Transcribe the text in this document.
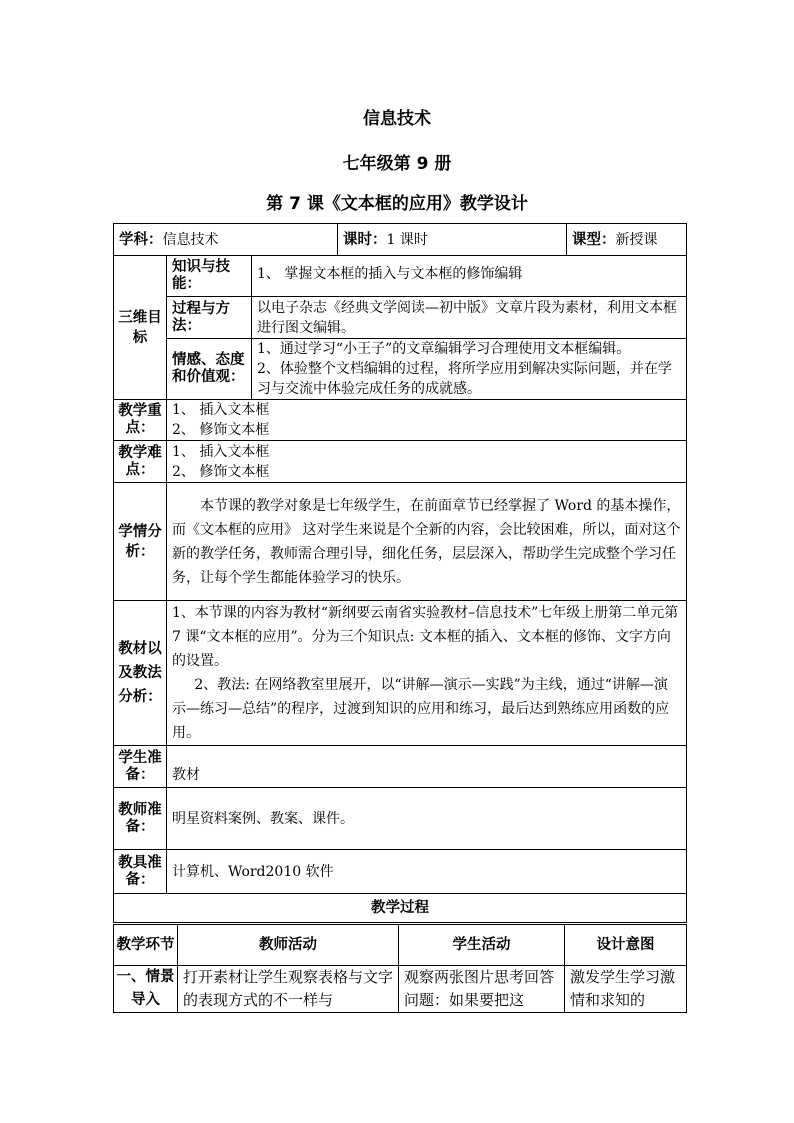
信息技术
七年级第 9 册
第 7 课《文本框的应用》教学设计
学科：信息技术			课时： 1 课时 课型： 新授课

三维目标	知识与技能：	1、 掌握文本框的插入与文本框的修饰编辑	
	过程与方法：	以电子杂志《经典文学阅读—初中版》文章片段为素材，利用文本框进行图文编辑。	
	情感、态度和价值观：	1、通过学习“小王子”的文章编辑学习合理使用文本框编辑。
2、体验整个文档编辑的过程，将所学应用到解决实际问题，并在学习与交流中体验完成任务的成就感。	

教学重点：	1、 插入文本框
2、 修饰文本框		

教学难点：	1、 插入文本框
2、 修饰文本框		

学情分析：	本节课的教学对象是七年级学生，在前面章节已经掌握了 Word 的基本操作，而《文本框的应用》 这对学生来说是个全新的内容，会比较困难，所以，面对这个新的教学任务，教师需合理引导，细化任务，层层深入，帮助学生完成整个学习任务，让每个学生都能体验学习的快乐。		

教材以及教法分析：	1、本节课的内容为教材“新纲要云南省实验教材–信息技术”七年级上册第二单元第 7 课“文本框的应用”。分为三个知识点: 文本框的插入、文本框的修饰、文字方向的设置。

2、教法: 在网络教室里展开，以“讲解—演示—实践”为主线，通过“讲解—演示—练习—总结”的程序，过渡到知识的应用和练习，最后达到熟练应用函数的应用。		

学生准备：	教材		
教师准备：	明星资料案例、教案、课件。		
教具准备：	计算机、Word2010 软件		
教学过程			
教学环节	教师活动	学生活动	设计意图
一、情景导入	打开素材让学生观察表格与文字的表现方式的不一样与	观察两张图片思考回答问题：如果要把这	激发学生学习激情和求知的
